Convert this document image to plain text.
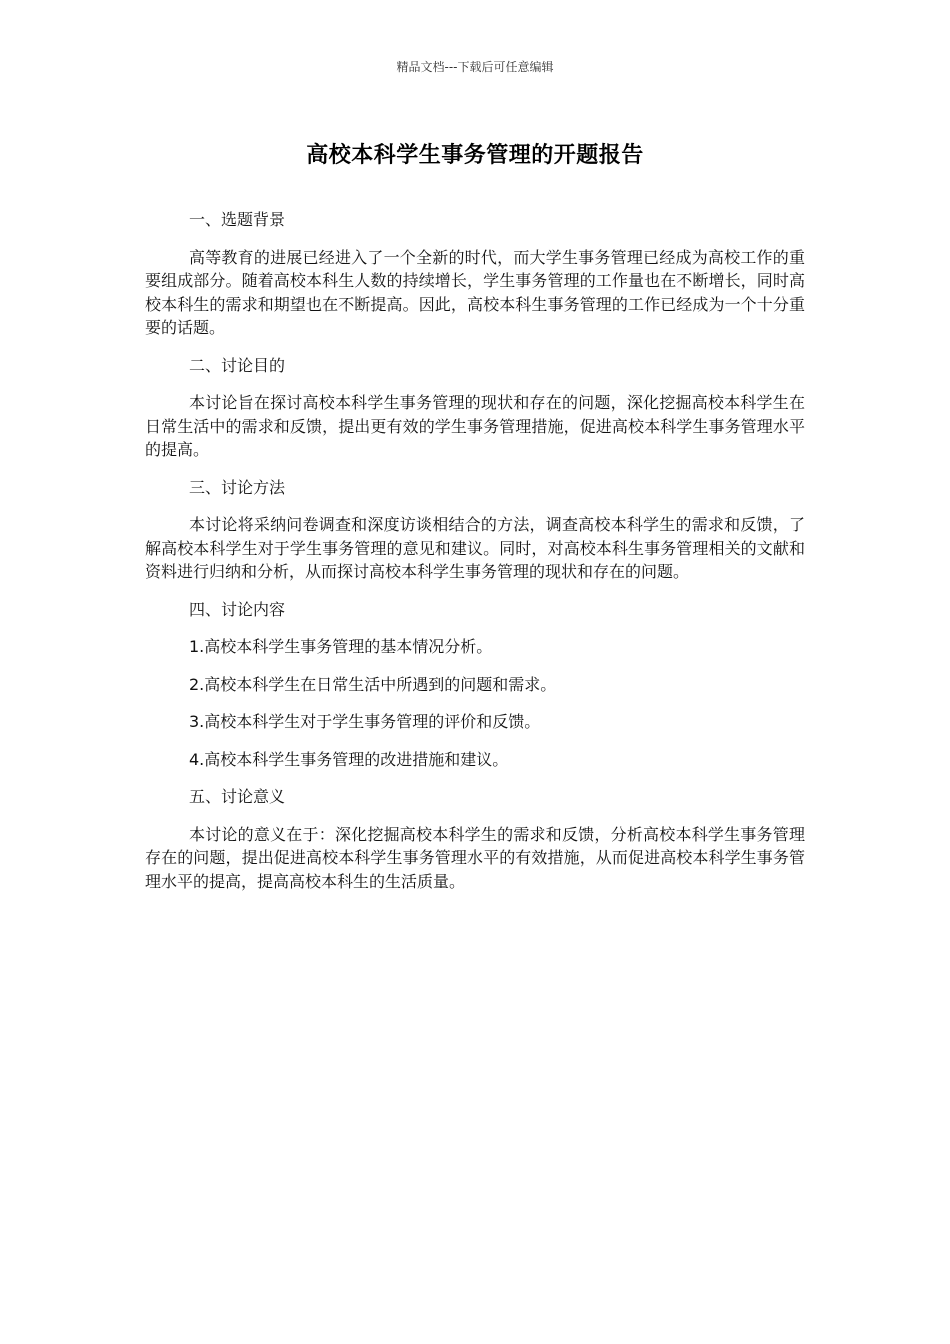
精品文档---下载后可任意编辑
高校本科学生事务管理的开题报告

一、选题背景

高等教育的进展已经进入了一个全新的时代，而大学生事务管理已经成为高校工作的重要组成部分。随着高校本科生人数的持续增长，学生事务管理的工作量也在不断增长，同时高校本科生的需求和期望也在不断提高。因此，高校本科生事务管理的工作已经成为一个十分重要的话题。

二、讨论目的

本讨论旨在探讨高校本科学生事务管理的现状和存在的问题，深化挖掘高校本科学生在日常生活中的需求和反馈，提出更有效的学生事务管理措施，促进高校本科学生事务管理水平的提高。

三、讨论方法

本讨论将采纳问卷调查和深度访谈相结合的方法，调查高校本科学生的需求和反馈，了解高校本科学生对于学生事务管理的意见和建议。同时，对高校本科生事务管理相关的文献和资料进行归纳和分析，从而探讨高校本科学生事务管理的现状和存在的问题。

四、讨论内容

1.高校本科学生事务管理的基本情况分析。

2.高校本科学生在日常生活中所遇到的问题和需求。

3.高校本科学生对于学生事务管理的评价和反馈。

4.高校本科学生事务管理的改进措施和建议。

五、讨论意义

本讨论的意义在于：深化挖掘高校本科学生的需求和反馈，分析高校本科学生事务管理存在的问题，提出促进高校本科学生事务管理水平的有效措施，从而促进高校本科学生事务管理水平的提高，提高高校本科生的生活质量。
